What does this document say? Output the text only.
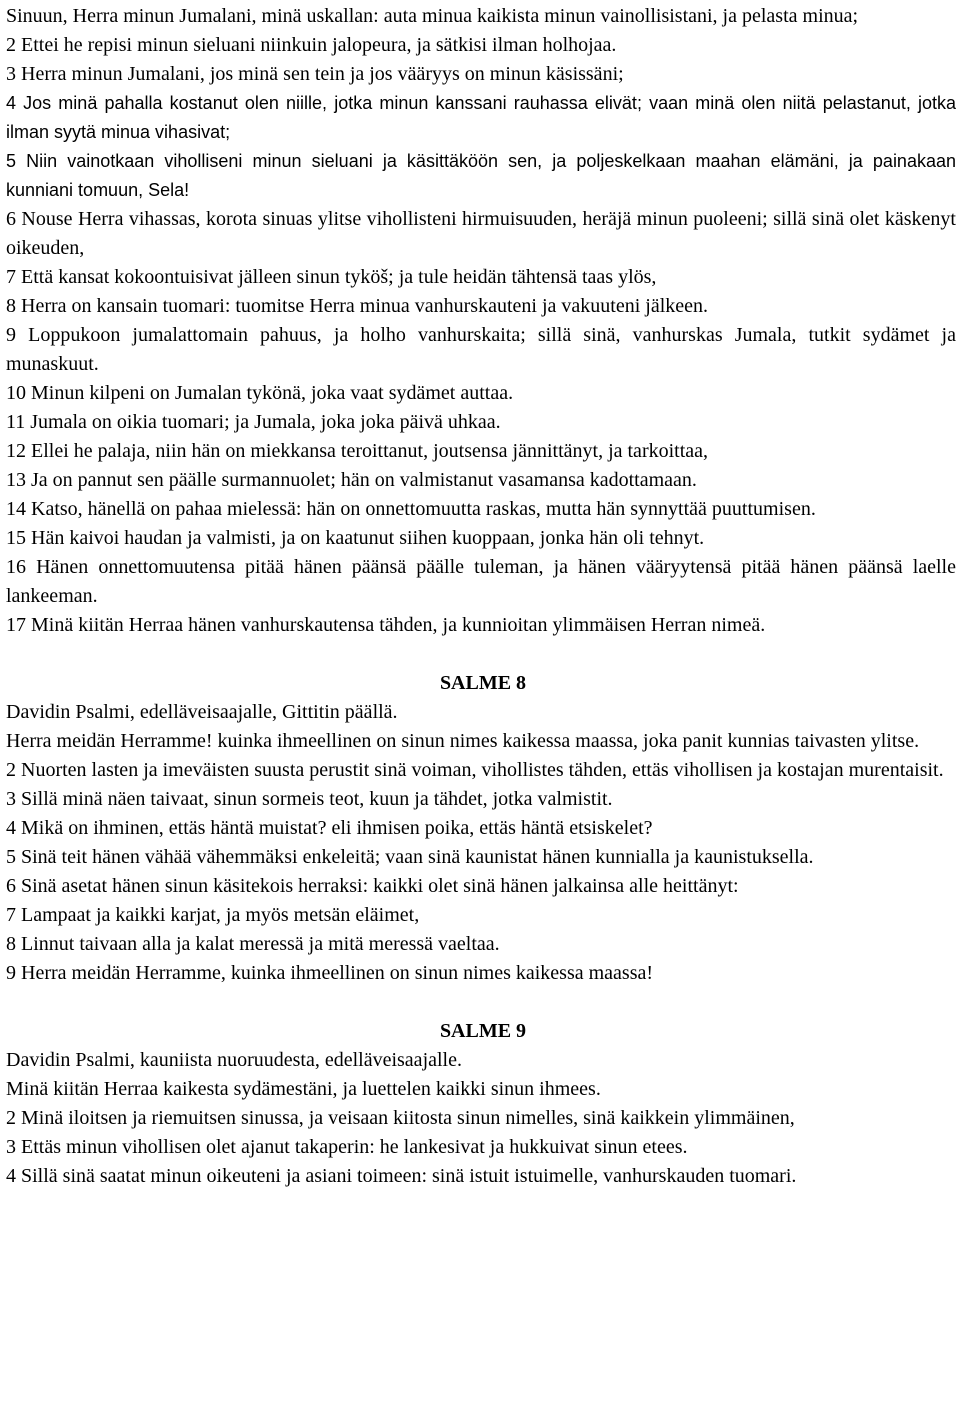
Sinuun, Herra minun Jumalani, minä uskallan: auta minua kaikista minun vainollisistani, ja pelasta minua;

2 Ettei he repisi minun sieluani niinkuin jalopeura, ja sätkisi ilman holhojaa.

3 Herra minun Jumalani, jos minä sen tein ja jos vääryys on minun käsissäni;

4 Jos minä pahalla kostanut olen niille, jotka minun kanssani rauhassa elivät; vaan minä olen niitä pelastanut, jotka ilman syytä minua vihasivat;

5 Niin vainotkaan viholliseni minun sieluani ja käsittäköön sen, ja poljeskelkaan maahan elämäni, ja painakaan kunniani tomuun, Sela!

6 Nouse Herra vihassas, korota sinuas ylitse vihollisteni hirmuisuuden, heräjä minun puoleeni; sillä sinä olet käskenyt oikeuden,

7 Että kansat kokoontuisivat jälleen sinun tyköš; ja tule heidän tähtensä taas ylös,

8 Herra on kansain tuomari: tuomitse Herra minua vanhurskauteni ja vakuuteni jälkeen.

9 Loppukoon jumalattomain pahuus, ja holho vanhurskaita; sillä sinä, vanhurskas Jumala, tutkit sydämet ja munaskuut.

10 Minun kilpeni on Jumalan tykönä, joka vaat sydämet auttaa.

11 Jumala on oikia tuomari; ja Jumala, joka joka päivä uhkaa.

12 Ellei he palaja, niin hän on miekkansa teroittanut, joutsensa jännittänyt, ja tarkoittaa,

13 Ja on pannut sen päälle surmannuolet; hän on valmistanut vasamansa kadottamaan.

14 Katso, hänellä on pahaa mielessä: hän on onnettomuutta raskas, mutta hän synnyttää puuttumisen.

15 Hän kaivoi haudan ja valmisti, ja on kaatunut siihen kuoppaan, jonka hän oli tehnyt.

16 Hänen onnettomuutensa pitää hänen päänsä päälle tuleman, ja hänen vääryytensä pitää hänen päänsä laelle lankeeman.

17 Minä kiitän Herraa hänen vanhurskautensa tähden, ja kunnioitan ylimmäisen Herran nimeä.

SALME 8

Davidin Psalmi, edelläveisaajalle, Gittitin päällä.

Herra meidän Herramme! kuinka ihmeellinen on sinun nimes kaikessa maassa, joka panit kunnias taivasten ylitse.

2 Nuorten lasten ja imeväisten suusta perustit sinä voiman, vihollistes tähden, ettäs vihollisen ja kostajan murentaisit.

3 Sillä minä näen taivaat, sinun sormeis teot, kuun ja tähdet, jotka valmistit.

4 Mikä on ihminen, ettäs häntä muistat? eli ihmisen poika, ettäs häntä etsiskelet?

5 Sinä teit hänen vähää vähemmäksi enkeleitä; vaan sinä kaunistat hänen kunnialla ja kaunistuksella.

6 Sinä asetat hänen sinun käsitekois herraksi: kaikki olet sinä hänen jalkainsa alle heittänyt:

7 Lampaat ja kaikki karjat, ja myös metsän eläimet,

8 Linnut taivaan alla ja kalat meressä ja mitä meressä vaeltaa.

9 Herra meidän Herramme, kuinka ihmeellinen on sinun nimes kaikessa maassa!

SALME 9

Davidin Psalmi, kauniista nuoruudesta, edelläveisaajalle.

Minä kiitän Herraa kaikesta sydämestäni, ja luettelen kaikki sinun ihmees.

2 Minä iloitsen ja riemuitsen sinussa, ja veisaan kiitosta sinun nimelles, sinä kaikkein ylimmäinen,

3 Ettäs minun vihollisen olet ajanut takaperin: he lankesivat ja hukkuivat sinun etees.

4 Sillä sinä saatat minun oikeuteni ja asiani toimeen: sinä istuit istuimelle, vanhurskauden tuomari.
